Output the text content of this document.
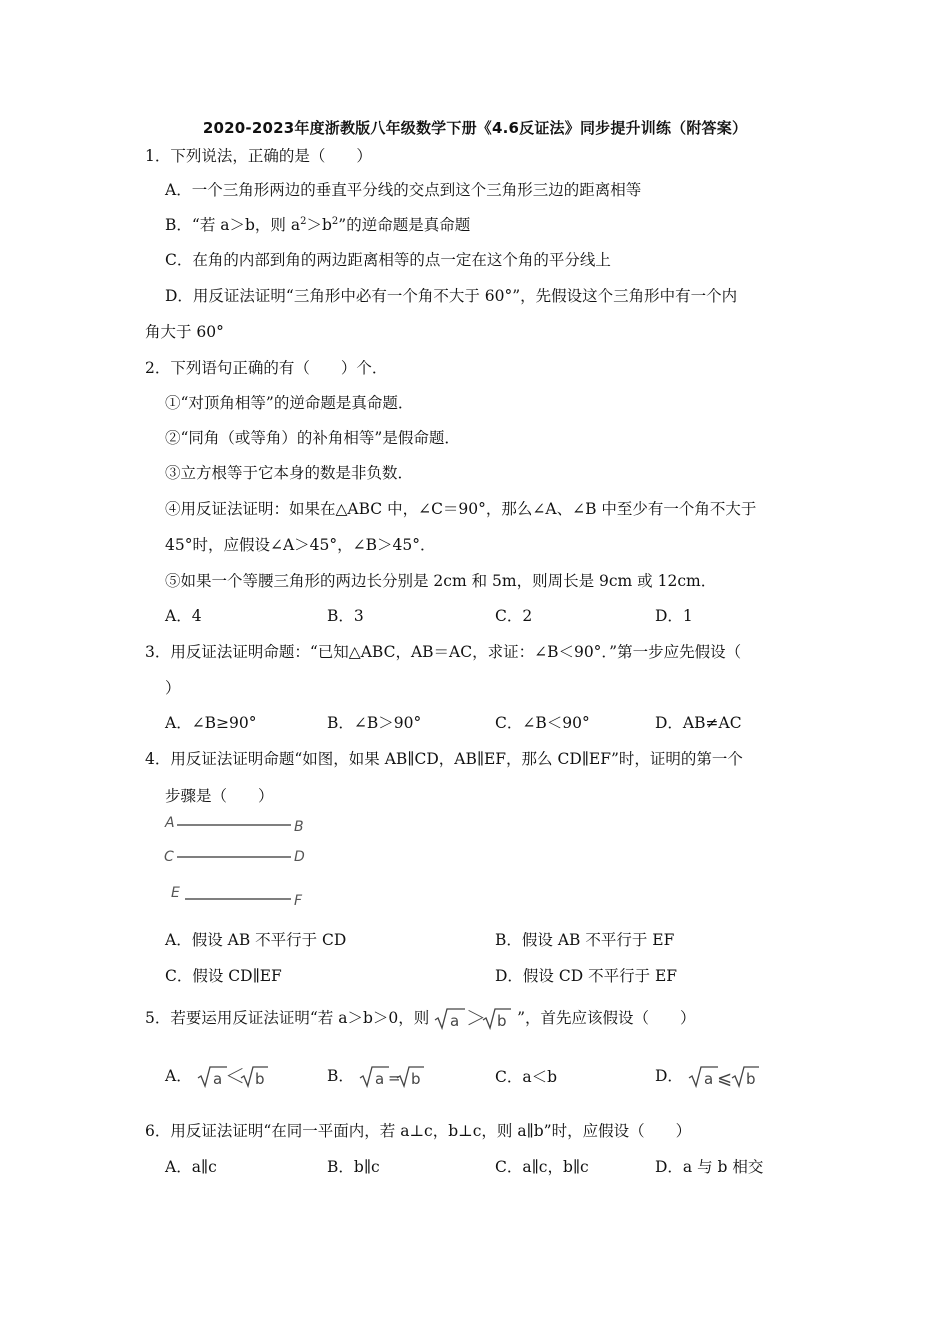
2020-2023年度浙教版八年级数学下册《4.6反证法》同步提升训练（附答案）
1．下列说法，正确的是（　　）
A．一个三角形两边的垂直平分线的交点到这个三角形三边的距离相等
B．“若 a＞b，则 $a^2>b^2$”的逆命题是真命题
C．在角的内部到角的两边距离相等的点一定在这个角的平分线上
D．用反证法证明“三角形中必有一个角不大于 60°”，先假设这个三角形中有一个内
角大于 60°
2．下列语句正确的有（　　）个．
①“对顶角相等”的逆命题是真命题．
②“同角（或等角）的补角相等”是假命题．
③立方根等于它本身的数是非负数．
④用反证法证明：如果在△ABC 中，∠C＝90°，那么∠A、∠B 中至少有一个角不大于
45°时，应假设∠A＞45°，∠B＞45°．
⑤如果一个等腰三角形的两边长分别是 2cm 和 5m，则周长是 9cm 或 12cm．
A．4	B．3	C．2	D．1
3．用反证法证明命题：“已知△ABC，AB＝AC，求证：∠B＜90°．”第一步应先假设（
）
A．∠B≥90°	B．∠B＞90°	C．∠B＜90°	D．AB≠AC
4．用反证法证明命题“如图，如果 AB∥CD，AB∥EF，那么 CD∥EF”时，证明的第一个
步骤是（　　）
A	B
C	D
E	F
A．假设 AB 不平行于 CD	B．假设 AB 不平行于 EF
C．假设 CD∥EF	D．假设 CD 不平行于 EF
5．若要运用反证法证明“若 a＞b＞0，则 a ＞ b ”，首先应该假设（　　）
A． a ＜ b	B． a = b	C．a＜b	D． a ⩽ b
6．用反证法证明“在同一平面内，若 a⊥c，b⊥c，则 a∥b”时，应假设（　　）
A．a∥c	B．b∥c	C．a∥c，b∥c	D．a 与 b 相交
